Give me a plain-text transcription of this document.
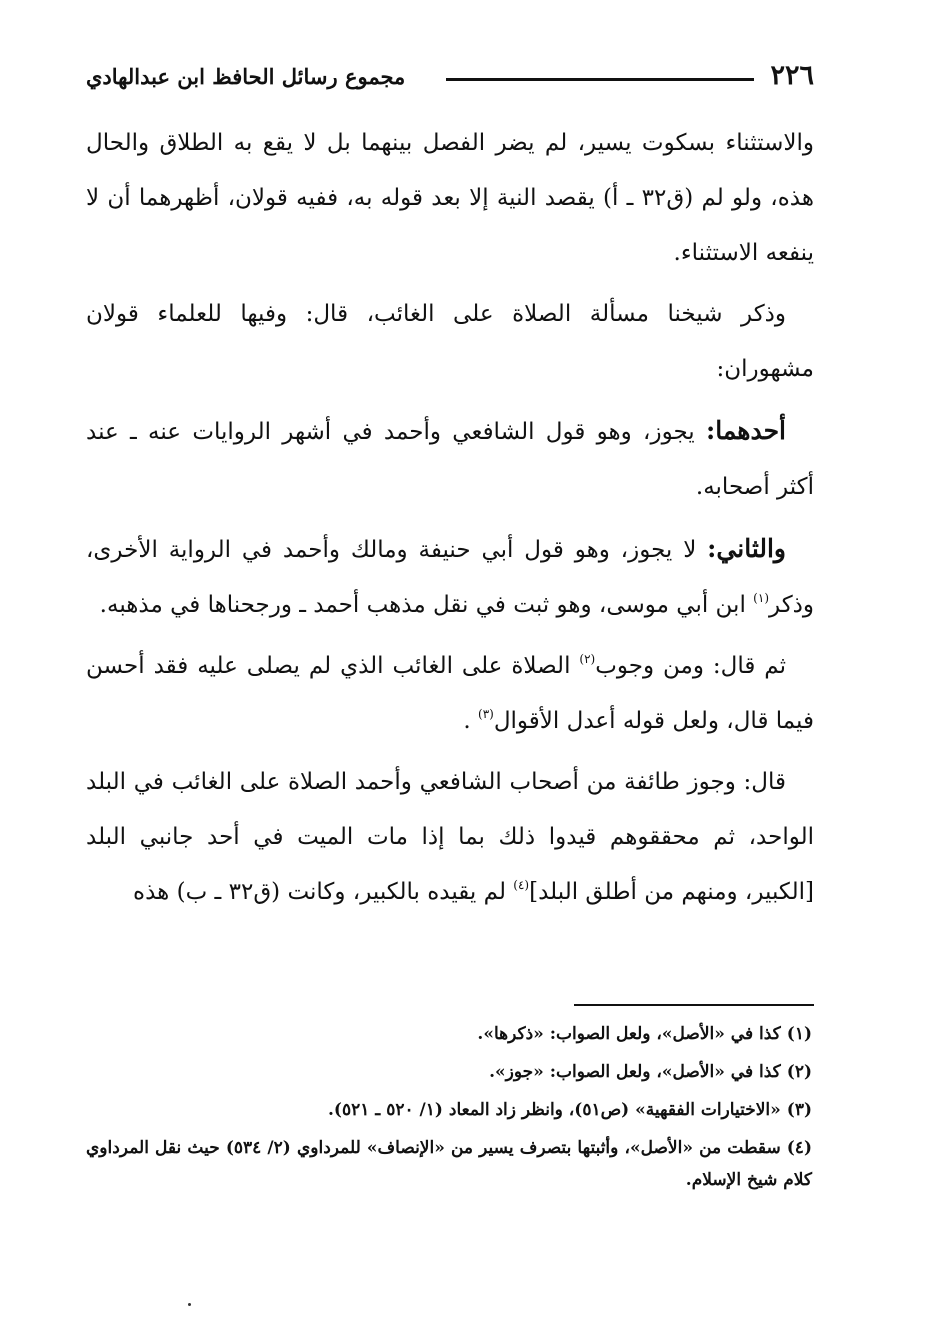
٢٢٦
مجموع رسائل الحافظ ابن عبدالهادي

والاستثناء بسكوت يسير، لم يضر الفصل بينهما بل لا يقع به الطلاق والحال هذه، ولو لم (ق٣٢ ـ أ) يقصد النية إلا بعد قوله به، ففيه قولان، أظهرهما أن لا ينفعه الاستثناء.

وذكر شيخنا مسألة الصلاة على الغائب، قال: وفيها للعلماء قولان مشهوران:

أحدهما: يجوز، وهو قول الشافعي وأحمد في أشهر الروايات عنه ـ عند أكثر أصحابه.

والثاني: لا يجوز، وهو قول أبي حنيفة ومالك وأحمد في الرواية الأخرى، وذكر$^{(١)}$ ابن أبي موسى، وهو ثبت في نقل مذهب أحمد ـ ورجحناها في مذهبه.

ثم قال: ومن وجوب$^{(٢)}$ الصلاة على الغائب الذي لم يصلى عليه فقد أحسن فيما قال، ولعل قوله أعدل الأقوال$^{(٣)}$ .

قال: وجوز طائفة من أصحاب الشافعي وأحمد الصلاة على الغائب في البلد الواحد، ثم محققوهم قيدوا ذلك بما إذا مات الميت في أحد جانبي البلد [الكبير، ومنهم من أطلق البلد]$^{(٤)}$ لم يقيده بالكبير، وكانت (ق٣٢ ـ ب) هذه

(١)كذا في «الأصل»، ولعل الصواب: «ذكرها».

(٢)كذا في «الأصل»، ولعل الصواب: «جوز».

(٣)«الاختيارات الفقهية» (ص٥١)، وانظر زاد المعاد (١/ ٥٢٠ ـ ٥٢١).

(٤)سقطت من «الأصل»، وأثبتها بتصرف يسير من «الإنصاف» للمرداوي (٢/ ٥٣٤) حيث نقل المرداوي كلام شيخ الإسلام.
